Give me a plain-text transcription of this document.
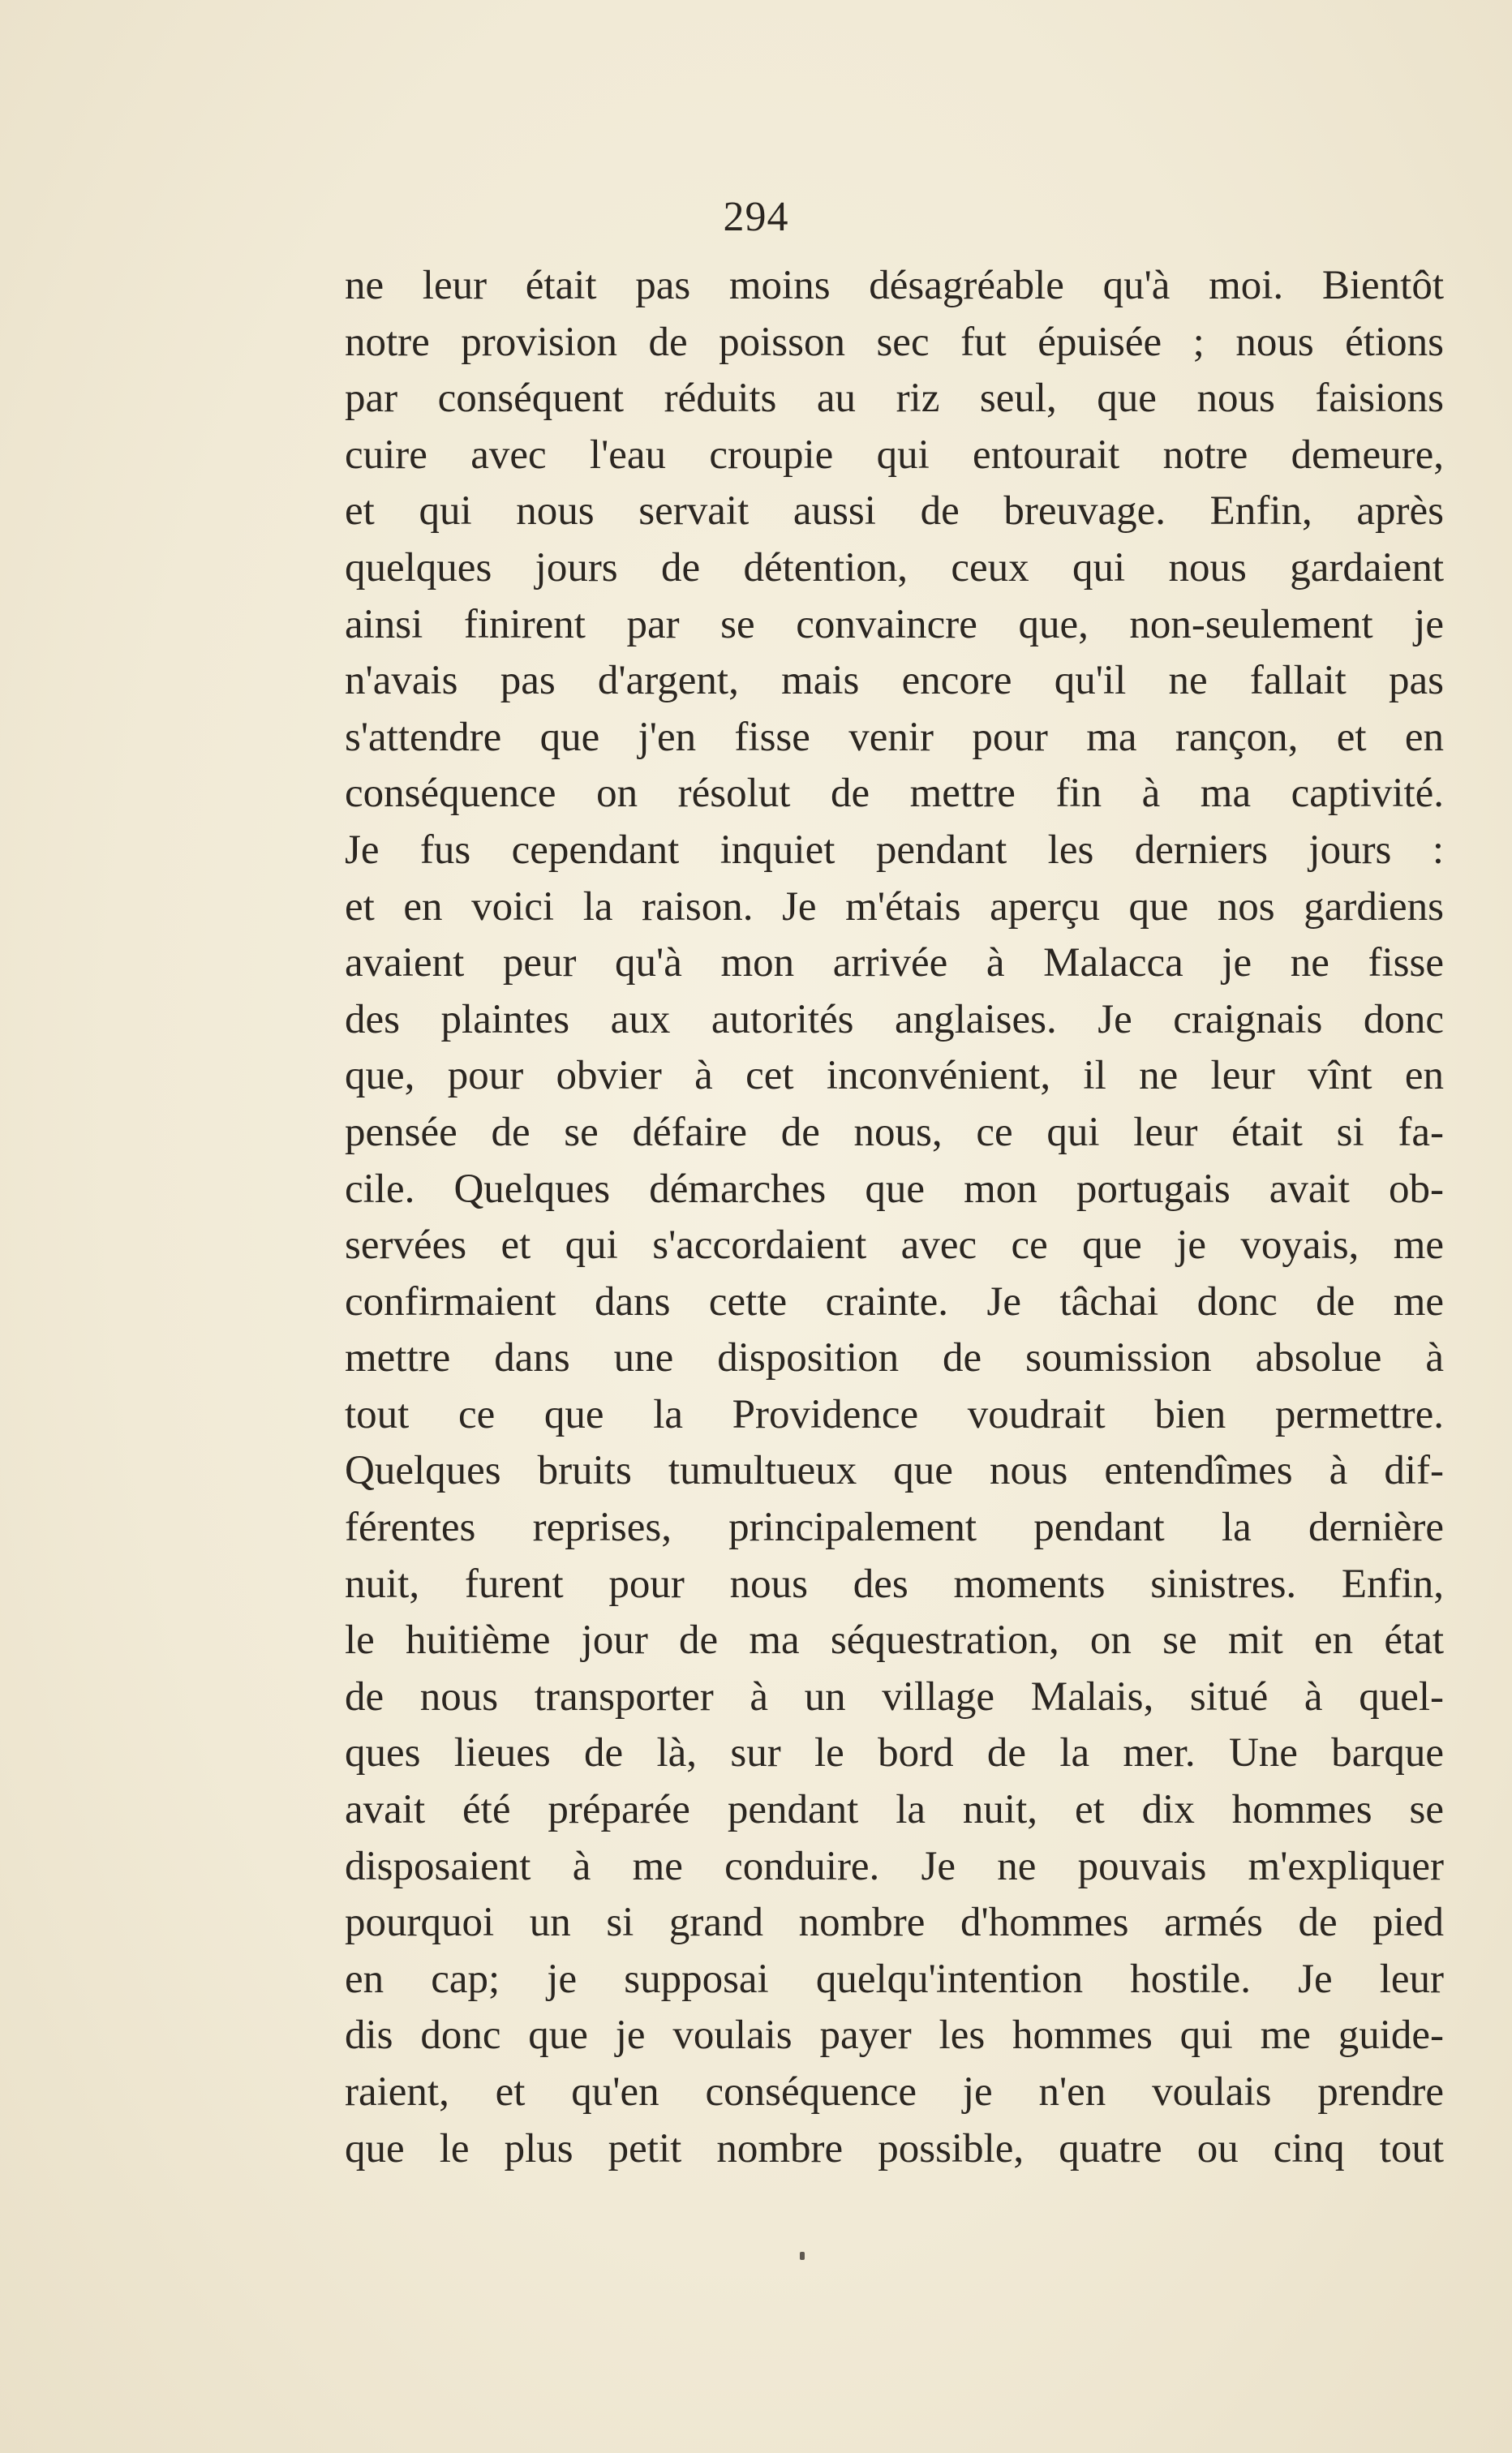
294
ne leur était pas moins désagréable qu'à moi. Bientôt
notre provision de poisson sec fut épuisée ; nous étions
par conséquent réduits au riz seul, que nous faisions
cuire avec l'eau croupie qui entourait notre demeure,
et qui nous servait aussi de breuvage. Enfin, après
quelques jours de détention, ceux qui nous gardaient
ainsi finirent par se convaincre que, non-seulement je
n'avais pas d'argent, mais encore qu'il ne fallait pas
s'attendre que j'en fisse venir pour ma rançon, et en
conséquence on résolut de mettre fin à ma captivité.
Je fus cependant inquiet pendant les derniers jours :
et en voici la raison. Je m'étais aperçu que nos gardiens
avaient peur qu'à mon arrivée à Malacca je ne fisse
des plaintes aux autorités anglaises. Je craignais donc
que, pour obvier à cet inconvénient, il ne leur vînt en
pensée de se défaire de nous, ce qui leur était si fa-
cile. Quelques démarches que mon portugais avait ob-
servées et qui s'accordaient avec ce que je voyais, me
confirmaient dans cette crainte. Je tâchai donc de me
mettre dans une disposition de soumission absolue à
tout ce que la Providence voudrait bien permettre.
Quelques bruits tumultueux que nous entendîmes à dif-
férentes reprises, principalement pendant la dernière
nuit, furent pour nous des moments sinistres. Enfin,
le huitième jour de ma séquestration, on se mit en état
de nous transporter à un village Malais, situé à quel-
ques lieues de là, sur le bord de la mer. Une barque
avait été préparée pendant la nuit, et dix hommes se
disposaient à me conduire. Je ne pouvais m'expliquer
pourquoi un si grand nombre d'hommes armés de pied
en cap; je supposai quelqu'intention hostile. Je leur
dis donc que je voulais payer les hommes qui me guide-
raient, et qu'en conséquence je n'en voulais prendre
que le plus petit nombre possible, quatre ou cinq tout
